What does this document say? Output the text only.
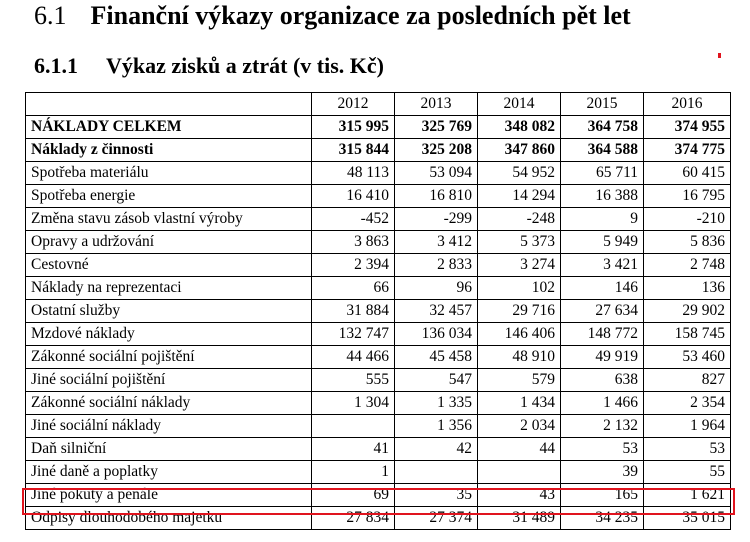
6.1 Finanční výkazy organizace za posledních pět let
6.1.1 Výkaz zisků a ztrát (v tis. Kč)
	2012	2013	2014	2015	2016
NÁKLADY CELKEM	315 995	325 769	348 082	364 758	374 955
Náklady z činnosti	315 844	325 208	347 860	364 588	374 775
Spotřeba materiálu	48 113	53 094	54 952	65 711	60 415
Spotřeba energie	16 410	16 810	14 294	16 388	16 795
Změna stavu zásob vlastní výroby	-452	-299	-248	9	-210
Opravy a udržování	3 863	3 412	5 373	5 949	5 836
Cestovné	2 394	2 833	3 274	3 421	2 748
Náklady na reprezentaci	66	96	102	146	136
Ostatní služby	31 884	32 457	29 716	27 634	29 902
Mzdové náklady	132 747	136 034	146 406	148 772	158 745
Zákonné sociální pojištění	44 466	45 458	48 910	49 919	53 460
Jiné sociální pojištění	555	547	579	638	827
Zákonné sociální náklady	1 304	1 335	1 434	1 466	2 354
Jiné sociální náklady		1 356	2 034	2 132	1 964
Daň silniční	41	42	44	53	53
Jiné daně a poplatky	1			39	55
Jiné pokuty a penále	69	35	43	165	1 621
Odpisy dlouhodobého majetku	27 834	27 374	31 489	34 235	35 015
